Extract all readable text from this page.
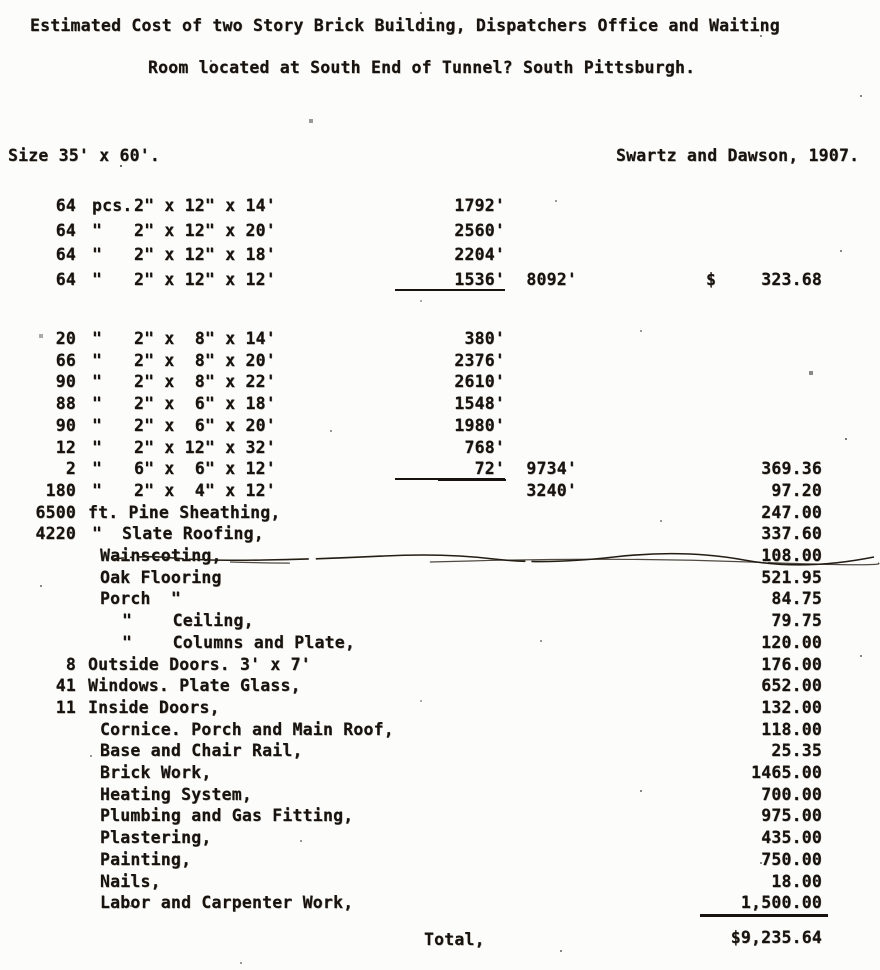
Estimated Cost of two Story Brick Building, Dispatchers Office and Waiting
Room located at South End of Tunnel? South Pittsburgh.
Size 35' x 60'.	Swartz and Dawson, 1907.
64 pcs. 2" x 12" x 14'	1792'
64 " 2" x 12" x 20'	2560'
64 " 2" x 12" x 18'	2204'
64 " 2" x 12" x 12'	1536'	8092'	$	323.68
20 " 2" x  8" x 14'	380'
66 " 2" x  8" x 20'	2376'
90 " 2" x  8" x 22'	2610'
88 " 2" x  6" x 18'	1548'
90 " 2" x  6" x 20'	1980'
12 " 2" x 12" x 32'	768'
2 " 6" x  6" x 12'	72'	9734'	369.36
180 " 2" x  4" x 12'	3240'	97.20
6500 ft. Pine Sheathing,	247.00
4220 " Slate Roofing,	337.60
Wainscoting,	108.00
Oak Flooring	521.95
Porch  "	84.75
"    Ceiling,	79.75
"    Columns and Plate,	120.00
8 Outside Doors. 3' x 7'	176.00
41 Windows. Plate Glass,	652.00
11 Inside Doors,	132.00
Cornice. Porch and Main Roof,	118.00
Base and Chair Rail,	25.35
Brick Work,	1465.00
Heating System,	700.00
Plumbing and Gas Fitting,	975.00
Plastering,	435.00
Painting,	750.00
Nails,	18.00
Labor and Carpenter Work,	1,500.00
Total,	$9,235.64
